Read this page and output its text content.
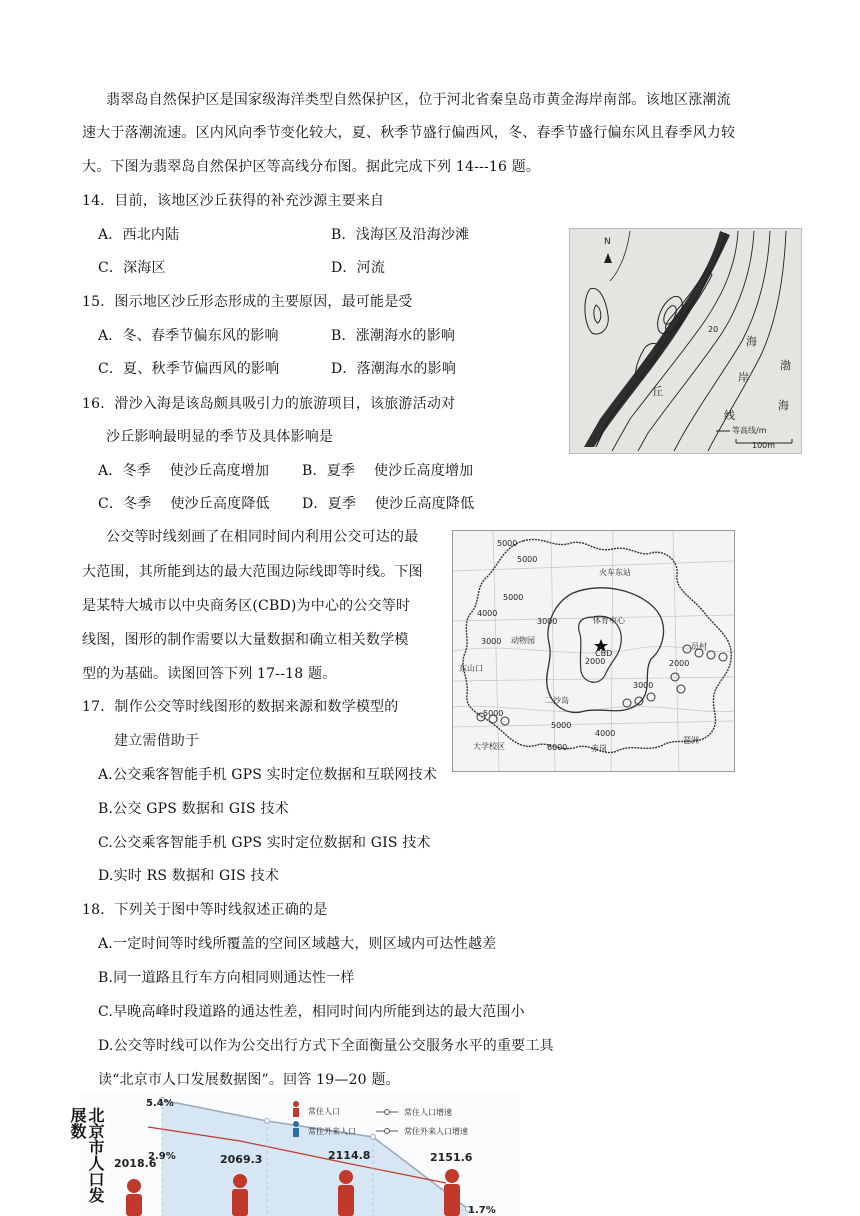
翡翠岛自然保护区是国家级海洋类型自然保护区，位于河北省秦皇岛市黄金海岸南部。该地区涨潮流
速大于落潮流速。区内风向季节变化较大，夏、秋季节盛行偏西风，冬、春季节盛行偏东风且春季风力较
大。下图为翡翠岛自然保护区等高线分布图。据此完成下列 14---16 题。
14．目前，该地区沙丘获得的补充沙源主要来自
A．西北内陆	B．浅海区及沿海沙滩
C．深海区	D．河流
15．图示地区沙丘形态形成的主要原因，最可能是受
A．冬、春季节偏东风的影响	B．涨潮海水的影响
C．夏、秋季节偏西风的影响	D．落潮海水的影响
16．滑沙入海是该岛颇具吸引力的旅游项目，该旅游活动对
沙丘影响最明显的季节及具体影响是
A．冬季　 使沙丘高度增加 B．夏季　 使沙丘高度增加
C．冬季　 使沙丘高度降低 D．夏季　 使沙丘高度降低
N
丘
海
岸
线
渤
海
20
等高线/m
100m
公交等时线刻画了在相同时间内利用公交可达的最
大范围，其所能到达的最大范围边际线即等时线。下图
是某特大城市以中央商务区(CBD)为中心的公交等时
线图，图形的制作需要以大量数据和确立相关数学模
型的为基础。读图回答下列 17--18 题。
5000
5000
5000
4000
3000
3000
2000	2000
3000
5000
5000
4000
6000
火车东站
体育中心
CBD
动物园
东山口
二沙岛
员村
大学校区	赤岗
琶洲
17．制作公交等时线图形的数据来源和数学模型的
建立需借助于
A.公交乘客智能手机 GPS 实时定位数据和互联网技术
B.公交 GPS 数据和 GIS 技术
C.公交乘客智能手机 GPS 实时定位数据和 GIS 技术
D.实时 RS 数据和 GIS 技术
18．下列关于图中等时线叙述正确的是
A.一定时间等时线所覆盖的空间区域越大，则区域内可达性越差
B.同一道路且行车方向相同则通达性一样
C.早晚高峰时段道路的通达性差，相同时间内所能到达的最大范围小
D.公交等时线可以作为公交出行方式下全面衡量公交服务水平的重要工具
读“北京市人口发展数据图”。回答 19—20 题。
北京市人口发展数
5.4%
2.9%
1.7%
2018.6	2069.3	2114.8	2151.6
常住人口
常住外来人口
常住人口增速
常住外来人口增速
